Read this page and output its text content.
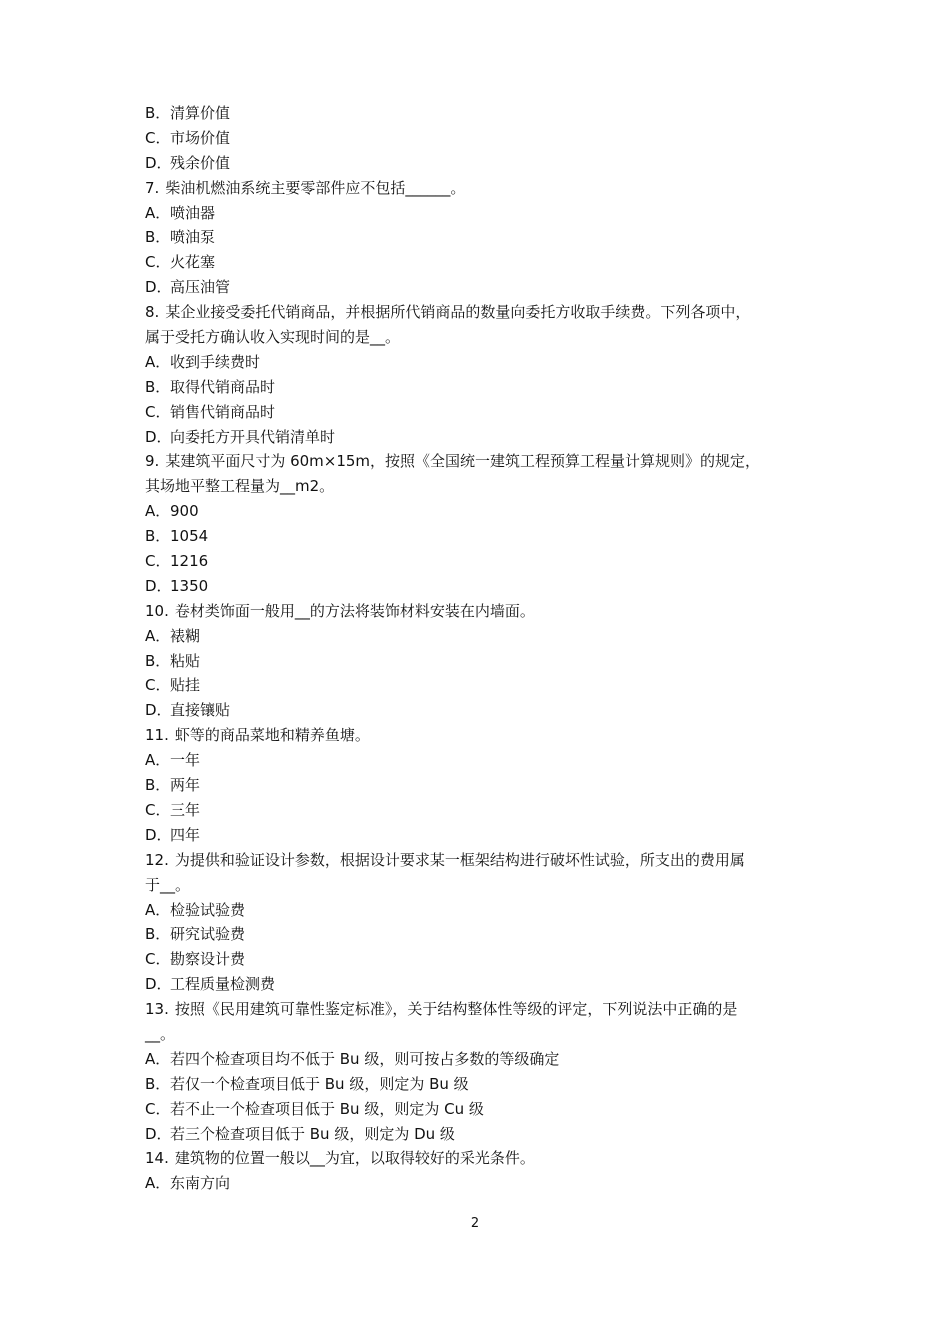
B．清算价值
C．市场价值
D．残余价值
7. 柴油机燃油系统主要零部件应不包括______。
A．喷油器
B．喷油泵
C．火花塞
D．高压油管
8. 某企业接受委托代销商品，并根据所代销商品的数量向委托方收取手续费。下列各项中，
属于受托方确认收入实现时间的是__。
A．收到手续费时
B．取得代销商品时
C．销售代销商品时
D．向委托方开具代销清单时
9. 某建筑平面尺寸为 60m×15m，按照《全国统一建筑工程预算工程量计算规则》的规定，
其场地平整工程量为__m2。
A．900
B．1054
C．1216
D．1350
10. 卷材类饰面一般用__的方法将装饰材料安装在内墙面。
A．裱糊
B．粘贴
C．贴挂
D．直接镶贴
11. 虾等的商品菜地和精养鱼塘。
A．一年
B．两年
C．三年
D．四年
12. 为提供和验证设计参数，根据设计要求某一框架结构进行破坏性试验，所支出的费用属
于__。
A．检验试验费
B．研究试验费
C．勘察设计费
D．工程质量检测费
13. 按照《民用建筑可靠性鉴定标准》，关于结构整体性等级的评定，下列说法中正确的是
__。
A．若四个检查项目均不低于 Bu 级，则可按占多数的等级确定
B．若仅一个检查项目低于 Bu 级，则定为 Bu 级
C．若不止一个检查项目低于 Bu 级，则定为 Cu 级
D．若三个检查项目低于 Bu 级，则定为 Du 级
14. 建筑物的位置一般以__为宜，以取得较好的采光条件。
A．东南方向
2
